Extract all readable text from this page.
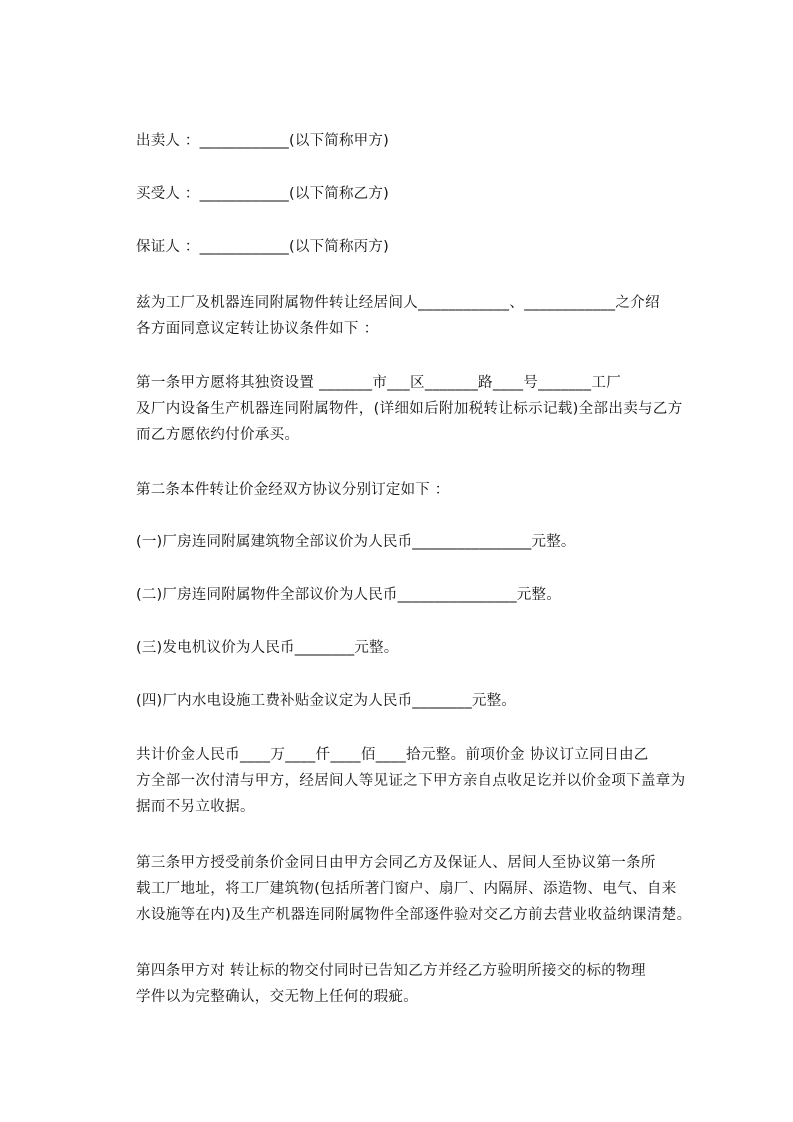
出卖人 ：____________(以下简称甲方)

买受人 ：____________(以下简称乙方)

保证人 ：____________(以下简称丙方)

兹为工厂及机器连同附属物件转让经居间人____________、____________之介绍
各方面同意议定转让协议条件如下 ：
第一条甲方愿将其独资设置 _______市___区_______路____号_______工厂
及厂内设备生产机器连同附属物件，(详细如后附加税转让标示记载)全部出卖与乙方
而乙方愿依约付价承买。

第二条本件转让价金经双方协议分别订定如下 ：

(一)厂房连同附属建筑物全部议价为人民币________________元整。

(二)厂房连同附属物件全部议价为人民币________________元整。

(三)发电机议价为人民币________元整。

(四)厂内水电设施工费补贴金议定为人民币________元整。

共计价金人民币____万____仟____佰____拾元整。前项价金 协议订立同日由乙
方全部一次付清与甲方，经居间人等见证之下甲方亲自点收足讫并以价金项下盖章为
据而不另立收据。
第三条甲方授受前条价金同日由甲方会同乙方及保证人、居间人至协议第一条所
载工厂地址，将工厂建筑物(包括所著门窗户、扇厂、内隔屏、添造物、电气、自来
水设施等在内)及生产机器连同附属物件全部逐件验对交乙方前去营业收益纳课清楚。
第四条甲方对 转让标的物交付同时已告知乙方并经乙方验明所接交的标的物理
学件以为完整确认，交无物上任何的瑕疵。
